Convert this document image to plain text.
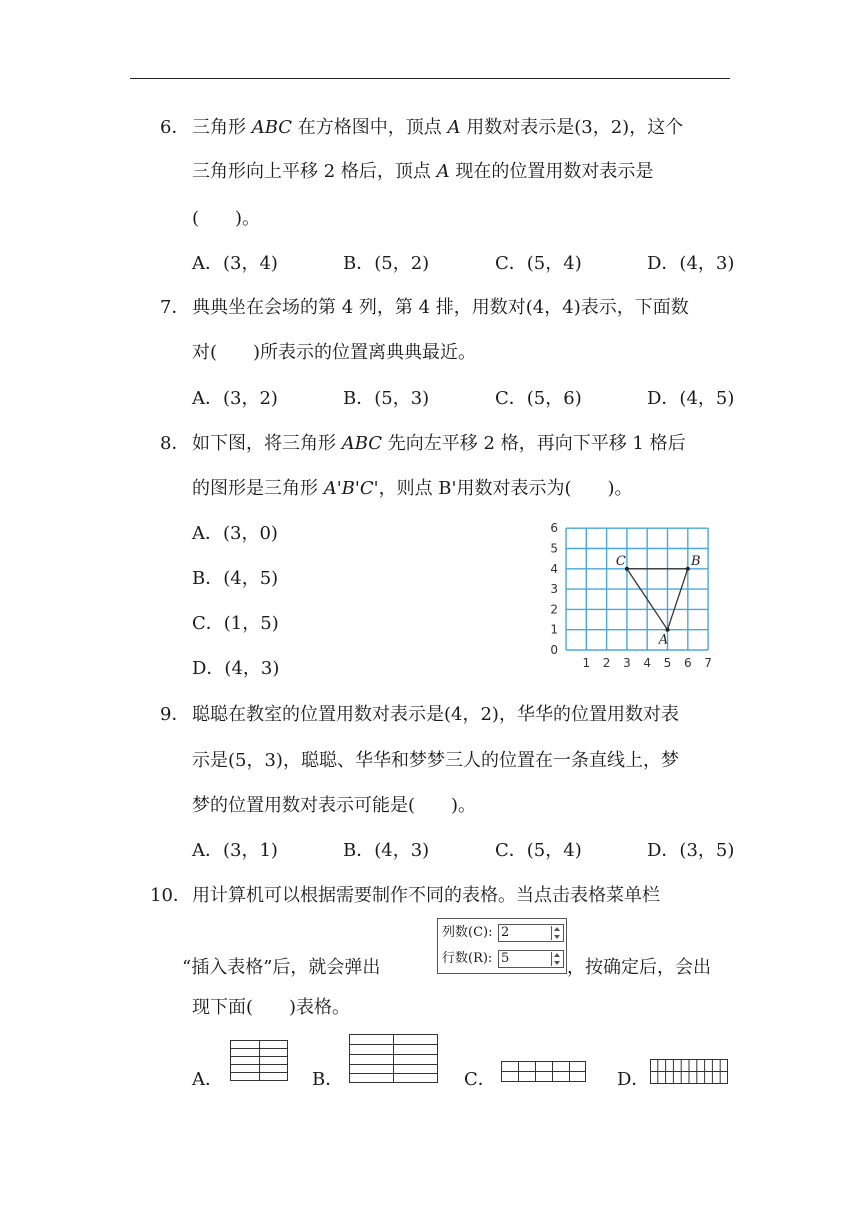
6． 三角形 ABC 在方格图中，顶点 A 用数对表示是(3，2)，这个
三角形向上平移 2 格后，顶点 A 现在的位置用数对表示是
(　　)。
A．(3，4)	B．(5，2)	C．(5，4)	D．(4，3)
7． 典典坐在会场的第 4 列，第 4 排，用数对(4，4)表示，下面数
对(　　)所表示的位置离典典最近。
A．(3，2)	B．(5，3)	C．(5，6)	D．(4，5)
8． 如下图，将三角形 ABC 先向左平移 2 格，再向下平移 1 格后
的图形是三角形 A'B'C'，则点 B'用数对表示为(　　)。
A．(3，0)
B．(4，5)
C．(1，5)
D．(4，3)	1 2 3 4 5 6 7
0
1
2
3
4
5
6
C	B
A
9． 聪聪在教室的位置用数对表示是(4，2)，华华的位置用数对表
示是(5，3)，聪聪、华华和梦梦三人的位置在一条直线上，梦
梦的位置用数对表示可能是(　　)。
A．(3，1)	B．(4，3)	C．(5，4)	D．(3，5)
10． 用计算机可以根据需要制作不同的表格。当点击表格菜单栏
“插入表格”后，就会弹出	，按确定后，会出
现下面(　　)表格。
列数(C): 2
行数(R): 5
A．	B．	C．	D．
